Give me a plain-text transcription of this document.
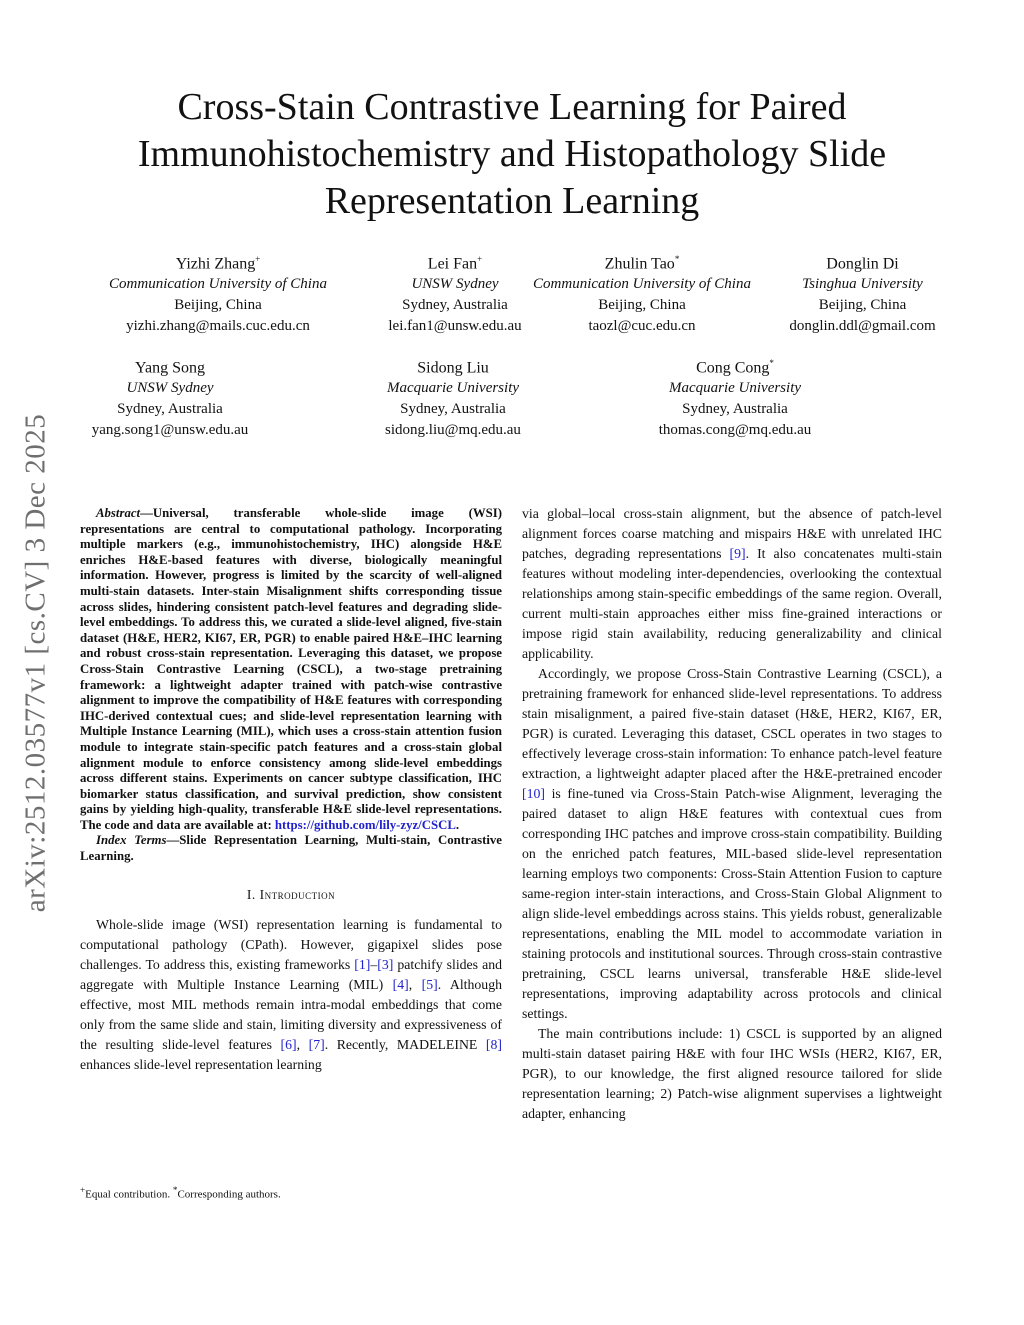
arXiv:2512.03577v1 [cs.CV] 3 Dec 2025
Cross-Stain Contrastive Learning for Paired
Immunohistochemistry and Histopathology Slide
Representation Learning
Yizhi Zhang+
Communication University of China
Beijing, China
yizhi.zhang@mails.cuc.edu.cn
Lei Fan+
UNSW Sydney
Sydney, Australia
lei.fan1@unsw.edu.au
Zhulin Tao*
Communication University of China
Beijing, China
taozl@cuc.edu.cn
Donglin Di
Tsinghua University
Beijing, China
donglin.ddl@gmail.com
Yang Song
UNSW Sydney
Sydney, Australia
yang.song1@unsw.edu.au
Sidong Liu
Macquarie University
Sydney, Australia
sidong.liu@mq.edu.au
Cong Cong*
Macquarie University
Sydney, Australia
thomas.cong@mq.edu.au

Abstract—Universal, transferable whole-slide image (WSI) representations are central to computational pathology. Incorporating multiple markers (e.g., immunohistochemistry, IHC) alongside H&E enriches H&E-based features with diverse, biologically meaningful information. However, progress is limited by the scarcity of well-aligned multi-stain datasets. Inter-stain Misalignment shifts corresponding tissue across slides, hindering consistent patch-level features and degrading slide-level embeddings. To address this, we curated a slide-level aligned, five-stain dataset (H&E, HER2, KI67, ER, PGR) to enable paired H&E–IHC learning and robust cross-stain representation. Leveraging this dataset, we propose Cross-Stain Contrastive Learning (CSCL), a two-stage pretraining framework: a lightweight adapter trained with patch-wise contrastive alignment to improve the compatibility of H&E features with corresponding IHC-derived contextual cues; and slide-level representation learning with Multiple Instance Learning (MIL), which uses a cross-stain attention fusion module to integrate stain-specific patch features and a cross-stain global alignment module to enforce consistency among slide-level embeddings across different stains. Experiments on cancer subtype classification, IHC biomarker status classification, and survival prediction, show consistent gains by yielding high-quality, transferable H&E slide-level representations. The code and data are available at: https://github.com/lily-zyz/CSCL.

Index Terms—Slide Representation Learning, Multi-stain, Contrastive Learning.

I. Introduction

Whole-slide image (WSI) representation learning is fundamental to computational pathology (CPath). However, gigapixel slides pose challenges. To address this, existing frameworks [1]–[3] patchify slides and aggregate with Multiple Instance Learning (MIL) [4], [5]. Although effective, most MIL methods remain intra-modal embeddings that come only from the same slide and stain, limiting diversity and expressiveness of the resulting slide-level features [6], [7]. Recently, MADELEINE [8] enhances slide-level representation learning

+Equal contribution. *Corresponding authors.

via global–local cross-stain alignment, but the absence of patch-level alignment forces coarse matching and mispairs H&E with unrelated IHC patches, degrading representations [9]. It also concatenates multi-stain features without modeling inter-dependencies, overlooking the contextual relationships among stain-specific embeddings of the same region. Overall, current multi-stain approaches either miss fine-grained interactions or impose rigid stain availability, reducing generalizability and clinical applicability.

Accordingly, we propose Cross-Stain Contrastive Learning (CSCL), a pretraining framework for enhanced slide-level representations. To address stain misalignment, a paired five-stain dataset (H&E, HER2, KI67, ER, PGR) is curated. Leveraging this dataset, CSCL operates in two stages to effectively leverage cross-stain information: To enhance patch-level feature extraction, a lightweight adapter placed after the H&E-pretrained encoder [10] is fine-tuned via Cross-Stain Patch-wise Alignment, leveraging the paired dataset to align H&E features with contextual cues from corresponding IHC patches and improve cross-stain compatibility. Building on the enriched patch features, MIL-based slide-level representation learning employs two components: Cross-Stain Attention Fusion to capture same-region inter-stain interactions, and Cross-Stain Global Alignment to align slide-level embeddings across stains. This yields robust, generalizable representations, enabling the MIL model to accommodate variation in staining protocols and institutional sources. Through cross-stain contrastive pretraining, CSCL learns universal, transferable H&E slide-level representations, improving adaptability across protocols and clinical settings.

The main contributions include: 1) CSCL is supported by an aligned multi-stain dataset pairing H&E with four IHC WSIs (HER2, KI67, ER, PGR), to our knowledge, the first aligned resource tailored for slide representation learning; 2) Patch-wise alignment supervises a lightweight adapter, enhancing
